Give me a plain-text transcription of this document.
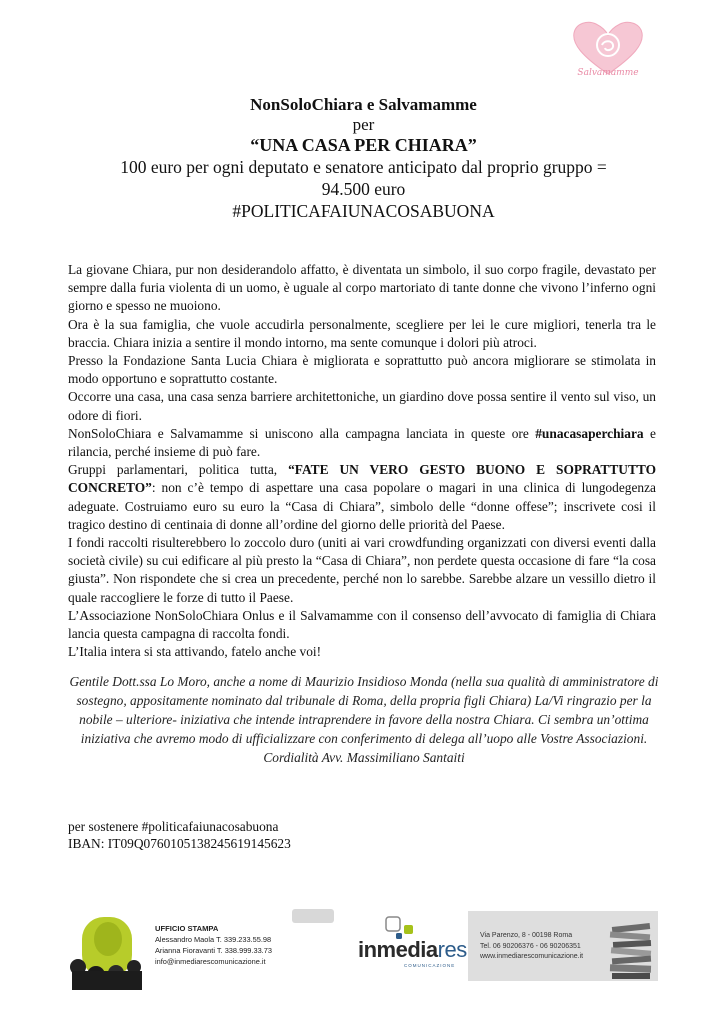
Salvamamme
NonSoloChiara e Salvamamme
per
“UNA CASA PER CHIARA”
100 euro per ogni deputato e senatore anticipato dal proprio gruppo =
94.500 euro
#POLITICAFAIUNACOSABUONA

La giovane Chiara, pur non desiderandolo affatto, è diventata un simbolo, il suo corpo fragile, devastato per sempre dalla furia violenta di un uomo, è uguale al corpo martoriato di tante donne che vivono l’inferno ogni giorno e spesso ne muoiono.

Ora è la sua famiglia, che vuole accudirla personalmente, scegliere per lei le cure migliori, tenerla tra le braccia. Chiara inizia a sentire il mondo intorno, ma sente comunque i dolori più atroci.

Presso la Fondazione Santa Lucia Chiara è migliorata e soprattutto può ancora migliorare se stimolata in modo opportuno e soprattutto costante.

Occorre una casa, una casa senza barriere architettoniche, un giardino dove possa sentire il vento sul viso, un odore di fiori.

NonSoloChiara e Salvamamme si uniscono alla campagna lanciata in queste ore #unacasaperchiara e rilancia, perché insieme di può fare.

Gruppi parlamentari, politica tutta, “FATE UN VERO GESTO BUONO E SOPRATTUTTO CONCRETO”: non c’è tempo di aspettare una casa popolare o magari in una clinica di lungodegenza adeguate. Costruiamo euro su euro la “Casa di Chiara”, simbolo delle “donne offese”; inscrivete cosi il tragico destino di centinaia di donne all’ordine del giorno delle priorità del Paese.

I fondi raccolti risulterebbero lo zoccolo duro (uniti ai vari crowdfunding organizzati con diversi eventi dalla società civile) su cui edificare al più presto la “Casa di Chiara”, non perdete questa occasione di fare “la cosa giusta”. Non rispondete che si crea un precedente, perché non lo sarebbe. Sarebbe alzare un vessillo dietro il quale raccogliere le forze di tutto il Paese.

L’Associazione NonSoloChiara Onlus e il Salvamamme con il consenso dell’avvocato di famiglia di Chiara lancia questa campagna di raccolta fondi.

L’Italia intera si sta attivando, fatelo anche voi!

Gentile Dott.ssa Lo Moro, anche a nome di Maurizio Insidioso Monda (nella sua qualità di amministratore di sostegno, appositamente nominato dal tribunale di Roma, della propria figli Chiara) La/Vi ringrazio per la nobile – ulteriore- iniziativa che intende intraprendere in favore della nostra Chiara. Ci sembra un’ottima iniziativa che avremo modo di ufficializzare con conferimento di delega all’uopo alle Vostre Associazioni. Cordialità Avv. Massimiliano Santaiti
per sostenere #politicafaiunacosabuona
IBAN: IT09Q0760105138245619145623
UFFICIO STAMPA
Alessandro Maola T. 339.233.55.98
Arianna Fioravanti T. 338.999.33.73
info@inmediarescomunicazione.it	inmediares
COMUNICAZIONE
Via Parenzo, 8 - 00198 Roma
Tel. 06 90206376 - 06 90206351
www.inmediarescomunicazione.it
